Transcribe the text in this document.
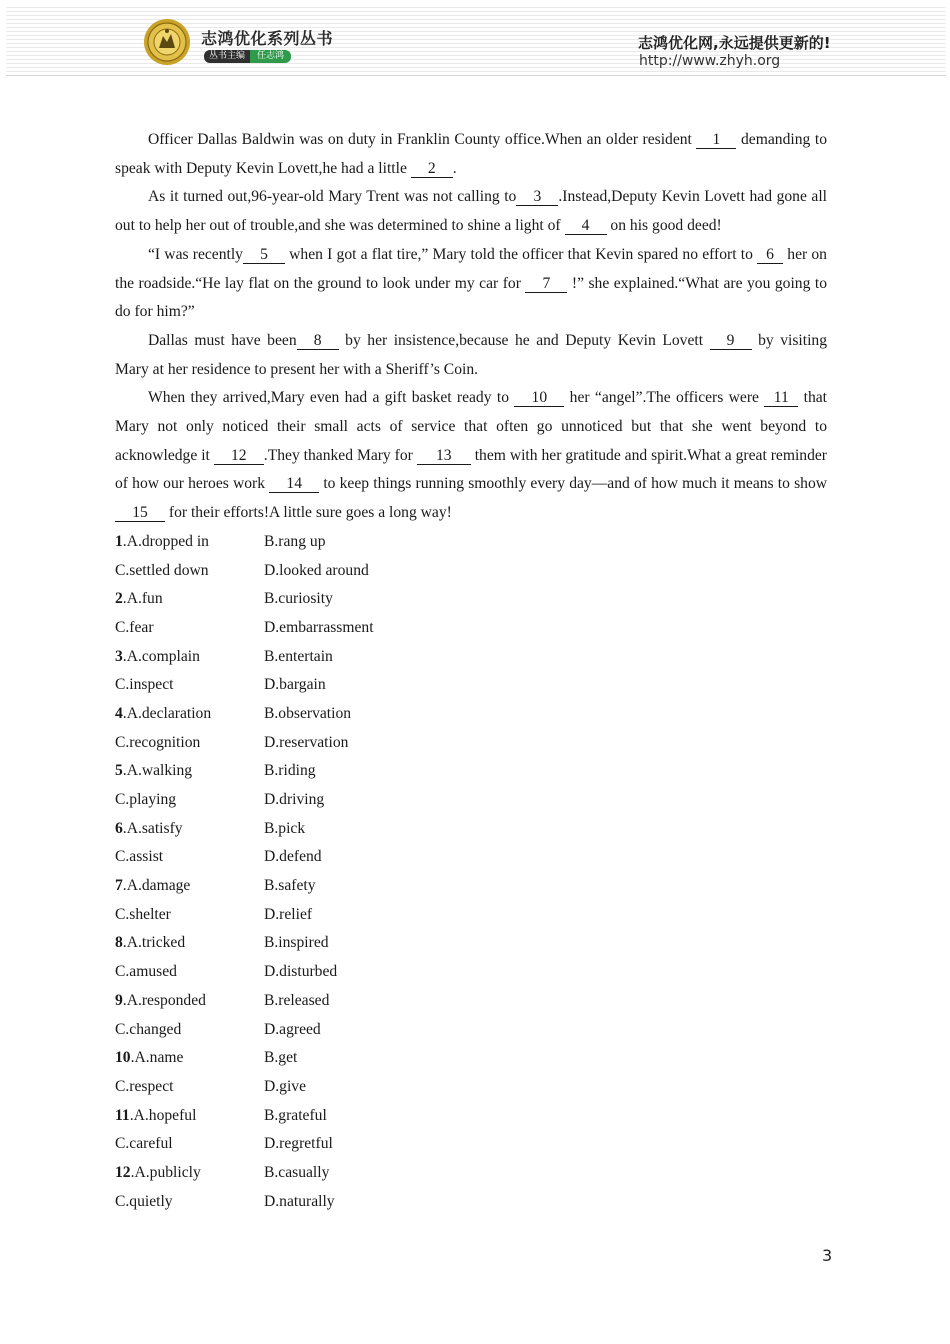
志鸿优化系列丛书
丛书主编	任志鸿
志鸿优化网,永远提供更新的!
http://www.zhyh.org

Officer Dallas Baldwin was on duty in Franklin County office.When an older resident 1 demanding to speak with Deputy Kevin Lovett,he had a little 2 .

As it turned out,96-year-old Mary Trent was not calling to 3 .Instead,Deputy Kevin Lovett had gone all out to help her out of trouble,and she was determined to shine a light of 4 on his good deed!

“I was recently 5 when I got a flat tire,” Mary told the officer that Kevin spared no effort to 6 her on the roadside.“He lay flat on the ground to look under my car for 7 !” she explained.“What are you going to do for him?”

Dallas must have been 8 by her insistence,because he and Deputy Kevin Lovett 9 by visiting Mary at her residence to present her with a Sheriff’s Coin.

When they arrived,Mary even had a gift basket ready to 10 her “angel”.The officers were 11 that Mary not only noticed their small acts of service that often go unnoticed but that she went beyond to acknowledge it 12 .They thanked Mary for 13 them with her gratitude and spirit.What a great reminder of how our heroes work 14 to keep things running smoothly every day—and of how much it means to show 15 for their efforts!A little sure goes a long way!

1.A.dropped in	B.rang up
C.settled down	D.looked around
2.A.fun	B.curiosity
C.fear	D.embarrassment
3.A.complain	B.entertain
C.inspect	D.bargain
4.A.declaration	B.observation
C.recognition	D.reservation
5.A.walking	B.riding
C.playing	D.driving
6.A.satisfy	B.pick
C.assist	D.defend
7.A.damage	B.safety
C.shelter	D.relief
8.A.tricked	B.inspired
C.amused	D.disturbed
9.A.responded	B.released
C.changed	D.agreed
10.A.name	B.get
C.respect	D.give
11.A.hopeful	B.grateful
C.careful	D.regretful
12.A.publicly	B.casually
C.quietly	D.naturally
3
